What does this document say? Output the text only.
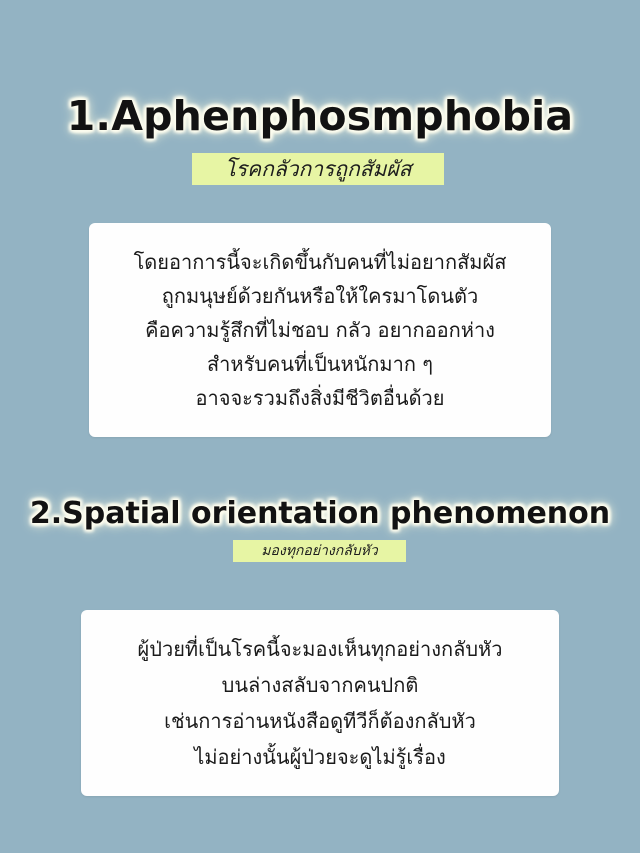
1.Aphenphosmphobia
โรคกลัวการถูกสัมผัส
โดยอาการนี้จะเกิดขึ้นกับคนที่ไม่อยากสัมผัส
ถูกมนุษย์ด้วยกันหรือให้ใครมาโดนตัว
คือความรู้สึกที่ไม่ชอบ กลัว อยากออกห่าง
สำหรับคนที่เป็นหนักมาก ๆ
อาจจะรวมถึงสิ่งมีชีวิตอื่นด้วย
2.Spatial orientation phenomenon
มองทุกอย่างกลับหัว
ผู้ป่วยที่เป็นโรคนี้จะมองเห็นทุกอย่างกลับหัว
บนล่างสลับจากคนปกติ
เช่นการอ่านหนังสือดูทีวีก็ต้องกลับหัว
ไม่อย่างนั้นผู้ป่วยจะดูไม่รู้เรื่อง
